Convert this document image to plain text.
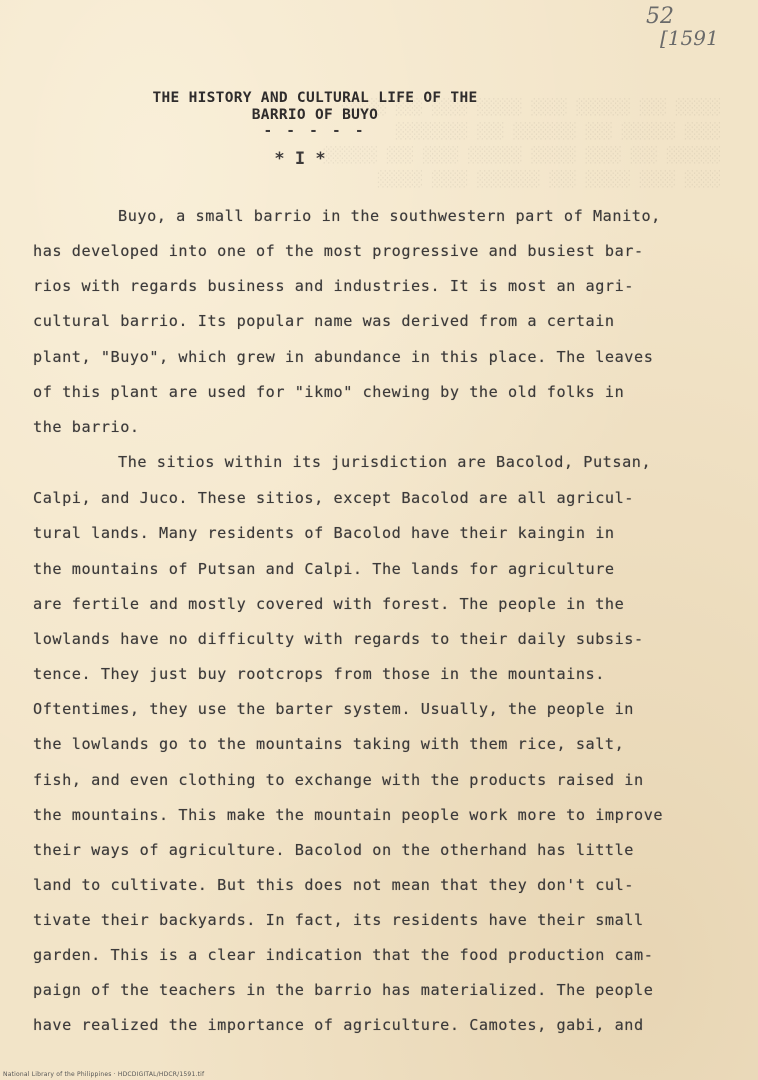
░░░░░ ░░░ ░░░░░░ ░░░░ ░░░░░ ░░░░ ░░░ ░░░░░
░░░░ ░░░░░░ ░░░ ░░░░░░░ ░░░ ░░░░░░░░
░░░░░░ ░░░ ░░░░ ░░░░░ ░░░░░░ ░░░░ ░░░ ░░░░░░
░░░░ ░░░░ ░░░░░ ░░░ ░░░░░░░ ░░░░ ░░░░░
52
[1591
THE HISTORY AND CULTURAL LIFE OF THE
BARRIO OF BUYO
- - - - -
* I *
Buyo, a small barrio in the southwestern part of Manito,
has developed into one of the most progressive and busiest bar-
rios with regards business and industries. It is most an agri-
cultural barrio. Its popular name was derived from a certain
plant, "Buyo", which grew in abundance in this place. The leaves
of this plant are used for "ikmo" chewing by the old folks in
the barrio.
The sitios within its jurisdiction are Bacolod, Putsan,
Calpi, and Juco. These sitios, except Bacolod are all agricul-
tural lands. Many residents of Bacolod have their kaingin in
the mountains of Putsan and Calpi. The lands for agriculture
are fertile and mostly covered with forest. The people in the
lowlands have no difficulty with regards to their daily subsis-
tence. They just buy rootcrops from those in the mountains.
Oftentimes, they use the barter system. Usually, the people in
the lowlands go to the mountains taking with them rice, salt,
fish, and even clothing to exchange with the products raised in
the mountains. This make the mountain people work more to improve
their ways of agriculture. Bacolod on the otherhand has little
land to cultivate. But this does not mean that they don't cul-
tivate their backyards. In fact, its residents have their small
garden. This is a clear indication that the food production cam-
paign of the teachers in the barrio has materialized. The people
have realized the importance of agriculture. Camotes, gabi, and
National Library of the Philippines · HDCDIGITAL/HDCR/1591.tif
